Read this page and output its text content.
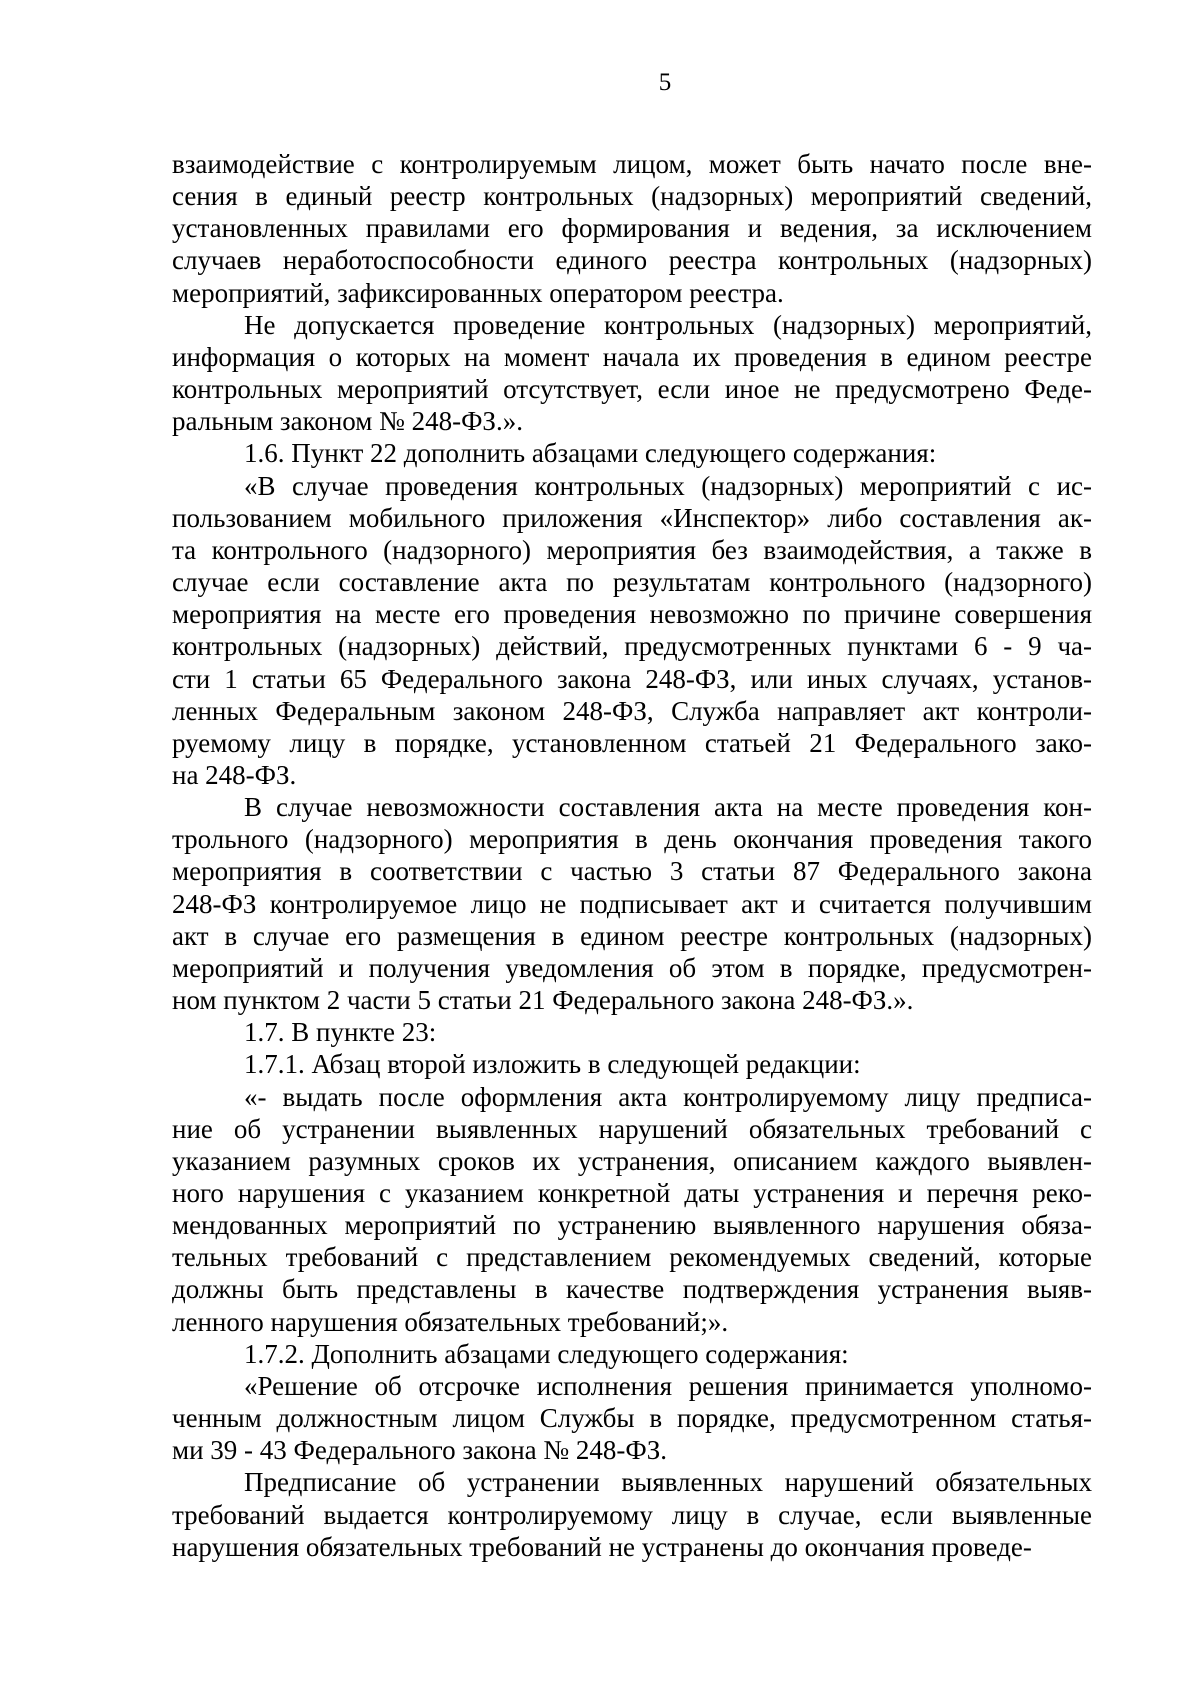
5
взаимодействие с контролируемым лицом, может быть начато после вне-
сения в единый реестр контрольных (надзорных) мероприятий сведений,
установленных правилами его формирования и ведения, за исключением
случаев неработоспособности единого реестра контрольных (надзорных)
мероприятий, зафиксированных оператором реестра.
Не допускается проведение контрольных (надзорных) мероприятий,
информация о которых на момент начала их проведения в едином реестре
контрольных мероприятий отсутствует, если иное не предусмотрено Феде-
ральным законом № 248-ФЗ.».
1.6. Пункт 22 дополнить абзацами следующего содержания:
«В случае проведения контрольных (надзорных) мероприятий с ис-
пользованием мобильного приложения «Инспектор» либо составления ак-
та контрольного (надзорного) мероприятия без взаимодействия, а также в
случае если составление акта по результатам контрольного (надзорного)
мероприятия на месте его проведения невозможно по причине совершения
контрольных (надзорных) действий, предусмотренных пунктами 6 - 9 ча-
сти 1 статьи 65 Федерального закона 248-ФЗ, или иных случаях, установ-
ленных Федеральным законом 248-ФЗ, Служба направляет акт контроли-
руемому лицу в порядке, установленном статьей 21 Федерального зако-
на 248-ФЗ.
В случае невозможности составления акта на месте проведения кон-
трольного (надзорного) мероприятия в день окончания проведения такого
мероприятия в соответствии с частью 3 статьи 87 Федерального закона
248-ФЗ контролируемое лицо не подписывает акт и считается получившим
акт в случае его размещения в едином реестре контрольных (надзорных)
мероприятий и получения уведомления об этом в порядке, предусмотрен-
ном пунктом 2 части 5 статьи 21 Федерального закона 248-ФЗ.».
1.7. В пункте 23:
1.7.1. Абзац второй изложить в следующей редакции:
«- выдать после оформления акта контролируемому лицу предписа-
ние об устранении выявленных нарушений обязательных требований с
указанием разумных сроков их устранения, описанием каждого выявлен-
ного нарушения с указанием конкретной даты устранения и перечня реко-
мендованных мероприятий по устранению выявленного нарушения обяза-
тельных требований с представлением рекомендуемых сведений, которые
должны быть представлены в качестве подтверждения устранения выяв-
ленного нарушения обязательных требований;».
1.7.2. Дополнить абзацами следующего содержания:
«Решение об отсрочке исполнения решения принимается уполномо-
ченным должностным лицом Службы в порядке, предусмотренном статья-
ми 39 - 43 Федерального закона № 248-ФЗ.
Предписание об устранении выявленных нарушений обязательных
требований выдается контролируемому лицу в случае, если выявленные
нарушения обязательных требований не устранены до окончания проведе-
